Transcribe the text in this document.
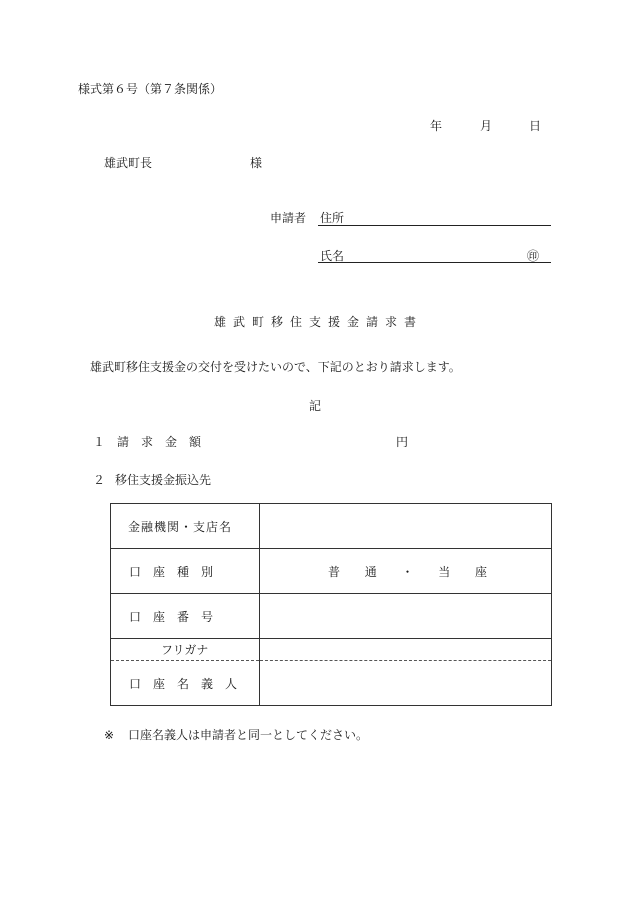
様式第６号（第７条関係）
年	月	日
雄武町長	様
申請者 住所
氏名	㊞
雄武町移住支援金請求書
雄武町移住支援金の交付を受けたいので、下記のとおり請求します。
記
１ 請　求　金　額	円
２ 移住支援金振込先
金融機関・支店名	

口　座　種　別	普 通 ・ 当 座

口　座　番　号	

フリガナ	

口　座　名　義　人	

※ 口座名義人は申請者と同一としてください。
